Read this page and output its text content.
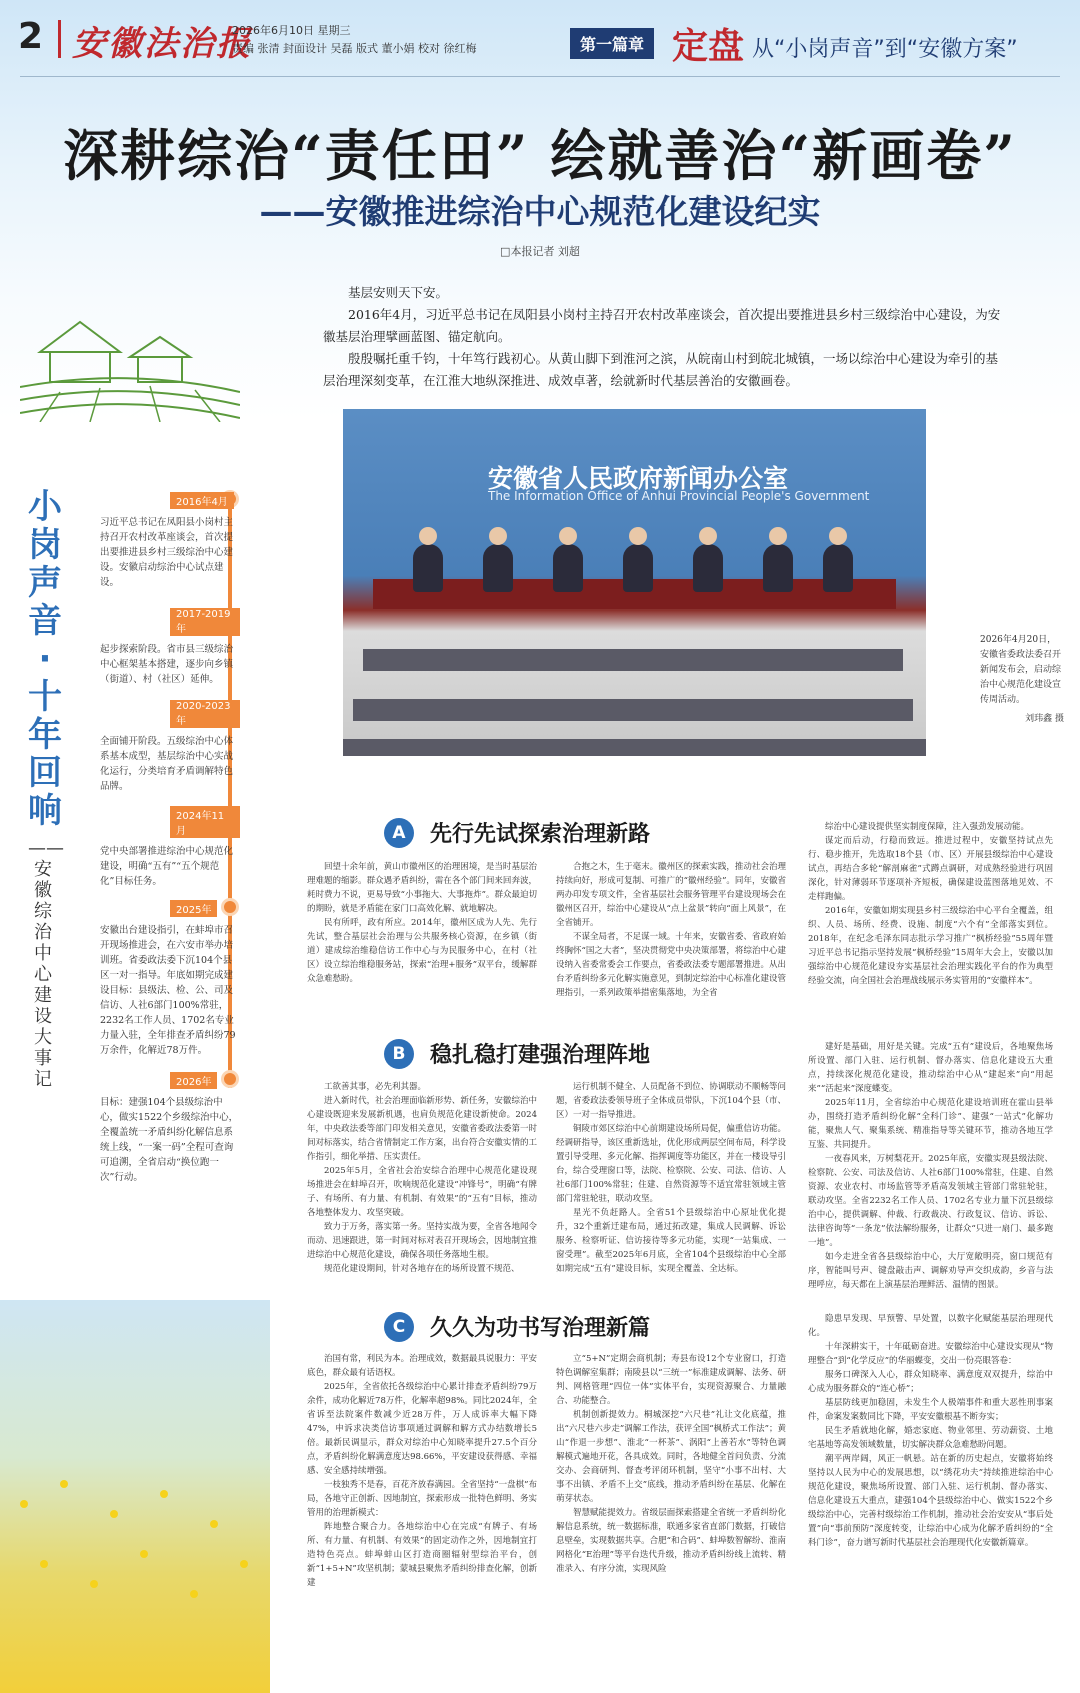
2 安徽法治报
2026年6月10日 星期三
责编 张清 封面设计 吴磊 版式 董小娟 校对 徐红梅	第一篇章 定盘 从“小岗声音”到“安徽方案”
深耕综治“责任田” 绘就善治“新画卷”
——安徽推进综治中心规范化建设纪实
□本报记者 刘超

基层安则天下安。

2016年4月，习近平总书记在凤阳县小岗村主持召开农村改革座谈会，首次提出要推进县乡村三级综治中心建设，为安徽基层治理擘画蓝图、锚定航向。

殷殷嘱托重千钧，十年笃行践初心。从黄山脚下到淮河之滨，从皖南山村到皖北城镇，一场以综治中心建设为牵引的基层治理深刻变革，在江淮大地纵深推进、成效卓著，绘就新时代基层善治的安徽画卷。

安徽省人民政府新闻办公室
The Information Office of Anhui Provincial People's Government
2026年4月20日，安徽省委政法委召开新闻发布会，启动综治中心规范化建设宣传周活动。
刘玮鑫 摄
小岗声音·十年回响
——安徽综治中心建设大事记
2016年4月
习近平总书记在凤阳县小岗村主持召开农村改革座谈会，首次提出要推进县乡村三级综治中心建设。安徽启动综治中心试点建设。
2017-2019年
起步探索阶段。省市县三级综治中心框架基本搭建，逐步向乡镇（街道）、村（社区）延伸。
2020-2023年
全面铺开阶段。五级综治中心体系基本成型，基层综治中心实战化运行，分类培育矛盾调解特色品牌。
2024年11月
党中央部署推进综治中心规范化建设，明确“五有”“五个规范化”目标任务。
2025年
安徽出台建设指引，在蚌埠市召开现场推进会，在六安市举办培训班。省委政法委下沉104个县区一对一指导。年底如期完成建设目标：县级法、检、公、司及信访、人社6部门100%常驻，2232名工作人员、1702名专业力量入驻，全年排查矛盾纠纷79万余件，化解近78万件。
2026年
目标：建强104个县级综治中心，做实1522个乡级综治中心，全覆盖统一矛盾纠纷化解信息系统上线，“一案一码”全程可查询可追溯，全省启动“换位跑一次”行动。
A	先行先试探索治理新路

回望十余年前，黄山市徽州区的治理困境，是当时基层治理难题的缩影。群众遇矛盾纠纷，需在各个部门间来回奔波，耗时费力不说，更易导致“小事拖大、大事拖炸”。群众最迫切的期盼，就是矛盾能在家门口高效化解、就地解决。

民有所呼，政有所应。2014年，徽州区成为人先、先行先试，整合基层社会治理与公共服务核心资源，在乡镇（街道）建成综治维稳信访工作中心与为民服务中心，在村（社区）设立综治维稳服务站，探索“治理+服务”双平台，缓解群众急难愁盼。

合抱之木，生于毫末。徽州区的探索实践，推动社会治理持续向好，形成可复制、可推广的“徽州经验”。同年，安徽省两办印发专项文件，全省基层社会服务管理平台建设现场会在徽州区召开，综治中心建设从“点上盆景”转向“面上风景”，在全省铺开。

不谋全局者，不足谋一域。十年来，安徽省委、省政府始终胸怀“国之大者”，坚决贯彻党中央决策部署，将综治中心建设纳入省委常委会工作要点，省委政法委专题部署推进。从出台矛盾纠纷多元化解实施意见，到制定综治中心标准化建设管理指引，一系列政策举措密集落地，为全省

综治中心建设提供坚实制度保障，注入强劲发展动能。

谋定而后动，行稳而致远。推进过程中，安徽坚持试点先行、稳步推开，先选取18个县（市、区）开展县级综治中心建设试点，再结合多轮“解剖麻雀”式蹲点调研，对成熟经验进行巩固深化，针对薄弱环节逐项补齐短板，确保建设蓝图落地见效、不走样跑偏。

2016年，安徽如期实现县乡村三级综治中心平台全覆盖，组织、人员、场所、经费、设施、制度“六个有”全部落实到位。2018年，在纪念毛泽东同志批示学习推广“枫桥经验”55周年暨习近平总书记指示坚持发展“枫桥经验”15周年大会上，安徽以加强综治中心规范化建设夯实基层社会治理实践化平台的作为典型经验交流，向全国社会治理战线展示务实管用的“安徽样本”。

B	稳扎稳打建强治理阵地

工欲善其事，必先利其器。

进入新时代，社会治理面临新形势、新任务，安徽综治中心建设既迎来发展新机遇，也肩负规范化建设新使命。2024年，中央政法委等部门印发相关意见，安徽省委政法委第一时间对标落实，结合省情制定工作方案，出台符合安徽实情的工作指引，细化举措、压实责任。

2025年5月，全省社会治安综合治理中心规范化建设现场推进会在蚌埠召开，吹响规范化建设“冲锋号”，明确“有牌子、有场所、有力量、有机制、有效果”的“五有”目标，推动各地整体发力、攻坚突破。

致力于万务，落实第一务。坚持实战为要，全省各地闻令而动、迅速跟进，第一时间对标对表召开现场会，因地制宜推进综治中心规范化建设，确保各项任务落地生根。

规范化建设期间，针对各地存在的场所设置不规范、

运行机制不健全、人员配备不到位、协调联动不顺畅等问题，省委政法委领导班子全体成员带队，下沉104个县（市、区）一对一指导推进。

铜陵市郊区综治中心前期建设场所局促，偏重信访功能。经调研指导，该区重新选址，优化形成两层空间布局，科学设置引导受理、多元化解、指挥调度等功能区，并在一楼设导引台，综合受理窗口等，法院、检察院、公安、司法、信访、人社6部门100%常驻；住建、自然资源等不适宜常驻领域主管部门常驻轮驻，联动攻坚。

星光不负赶路人。全省51个县级综治中心原址优化提升，32个重新迁建布局，通过拓改建，集成人民调解、诉讼服务、检察听证、信访接待等多元功能，实现“一站集成、一窗受理”。截至2025年6月底，全省104个县级综治中心全部如期完成“五有”建设目标，实现全覆盖、全达标。

建好是基础，用好是关键。完成“五有”建设后，各地聚焦场所设置、部门入驻、运行机制、督办落实、信息化建设五大重点，持续深化规范化建设，推动综治中心从“建起来”向“用起来”“活起来”深度蝶变。

2025年11月，全省综治中心规范化建设培训班在霍山县举办，围绕打造矛盾纠纷化解“全科门诊”、建强“一站式”化解功能，聚焦人气、聚集系统、精准指导等关键环节，推动各地互学互鉴、共同提升。

一夜春风来，万树梨花开。2025年底，安徽实现县级法院、检察院、公安、司法及信访、人社6部门100%常驻，住建、自然资源、农业农村、市场监管等矛盾高发领域主管部门常驻轮驻，联动攻坚。全省2232名工作人员、1702名专业力量下沉县级综治中心，提供调解、仲裁、行政裁决、行政复议、信访、诉讼、法律咨询等“一条龙”依法解纷服务，让群众“只进一扇门、最多跑一地”。

如今走进全省各县级综治中心，大厅宽敞明亮，窗口规范有序，智能叫号声、键盘敲击声、调解劝导声交织成韵，乡音与法理呼应，每天都在上演基层治理鲜活、温情的图景。

C	久久为功书写治理新篇

治国有常，利民为本。治理成效，数据最具说服力：平安底色，群众最有话语权。

2025年，全省依托各级综治中心累计排查矛盾纠纷79万余件，成功化解近78万件，化解率超98%。同比2024年，全省诉至法院案件数减少近28万件，万人成诉率大幅下降47%，申诉求决类信访事项通过调解和解方式办结数增长5倍。最新民调显示，群众对综治中心知晓率提升27.5个百分点，矛盾纠纷化解满意度达98.66%，平安建设获得感、幸福感、安全感持续增强。

一枝独秀不是春，百花齐放春满园。全省坚持“一盘棋”布局，各地守正创新、因地制宜，探索形成一批特色鲜明、务实管用的治理新模式：

阵地整合聚合力。各地综治中心在完成“有牌子、有场所、有力量、有机制、有效果”的固定动作之外，因地制宜打造特色亮点。蚌埠蚌山区打造商圈辐射型综治平台，创新“1+5+N”攻坚机制；蒙城县聚焦矛盾纠纷排查化解，创新建

立“5+N”定期会商机制；寿县布设12个专业窗口，打造特色调解室集群；南陵县以“三统一”标准建成调解、法务、研判、网格管理“四位一体”实体平台，实现资源聚合、力量融合、功能整合。

机制创新提效力。桐城深挖“六尺巷”礼让文化底蕴，推出“六尺巷六步走”调解工作法，获评全国“枫桥式工作法”；黄山“作退一步想”、淮北“一杯茶”、涡阳“上善若水”等特色调解模式遍地开花，各具成效。同时，各地健全首问负责、分流交办、会商研判、督查考评闭环机制，坚守“小事不出村、大事不出镇、矛盾不上交”底线，推动矛盾纠纷在基层、化解在萌芽状态。

智慧赋能提效力。省级层面探索搭建全省统一矛盾纠纷化解信息系统，统一数据标准，联通多家省直部门数据，打破信息壁垒，实现数据共享。合肥“和合码”、蚌埠数智解纷、淮南网格化“E治理”等平台迭代升级，推动矛盾纠纷线上流转、精准录入、有序分流，实现风险

隐患早发现、早预警、早处置，以数字化赋能基层治理现代化。

十年深耕实干，十年砥砺奋进。安徽综治中心建设实现从“物理整合”到“化学反应”的华丽蝶变，交出一份亮眼答卷：

服务口碑深入人心，群众知晓率、满意度双双提升，综治中心成为服务群众的“连心桥”；

基层防线更加稳固，未发生个人极端事件和重大恶性刑事案件，命案发案数同比下降，平安安徽根基不断夯实；

民生矛盾就地化解，婚恋家庭、物业邻里、劳动薪资、土地宅基地等高发领域数量，切实解决群众急难愁盼问题。

潮平两岸阔，风正一帆悬。站在新的历史起点，安徽将始终坚持以人民为中心的发展思想，以“绣花功夫”持续推进综治中心规范化建设，聚焦场所设置、部门入驻、运行机制、督办落实、信息化建设五大重点，建强104个县级综治中心、做实1522个乡级综治中心，完善村级综治工作机制，推动社会治安安从“事后处置”向“事前预防”深度转变，让综治中心成为化解矛盾纠纷的“全科门诊”，奋力谱写新时代基层社会治理现代化安徽新篇章。
